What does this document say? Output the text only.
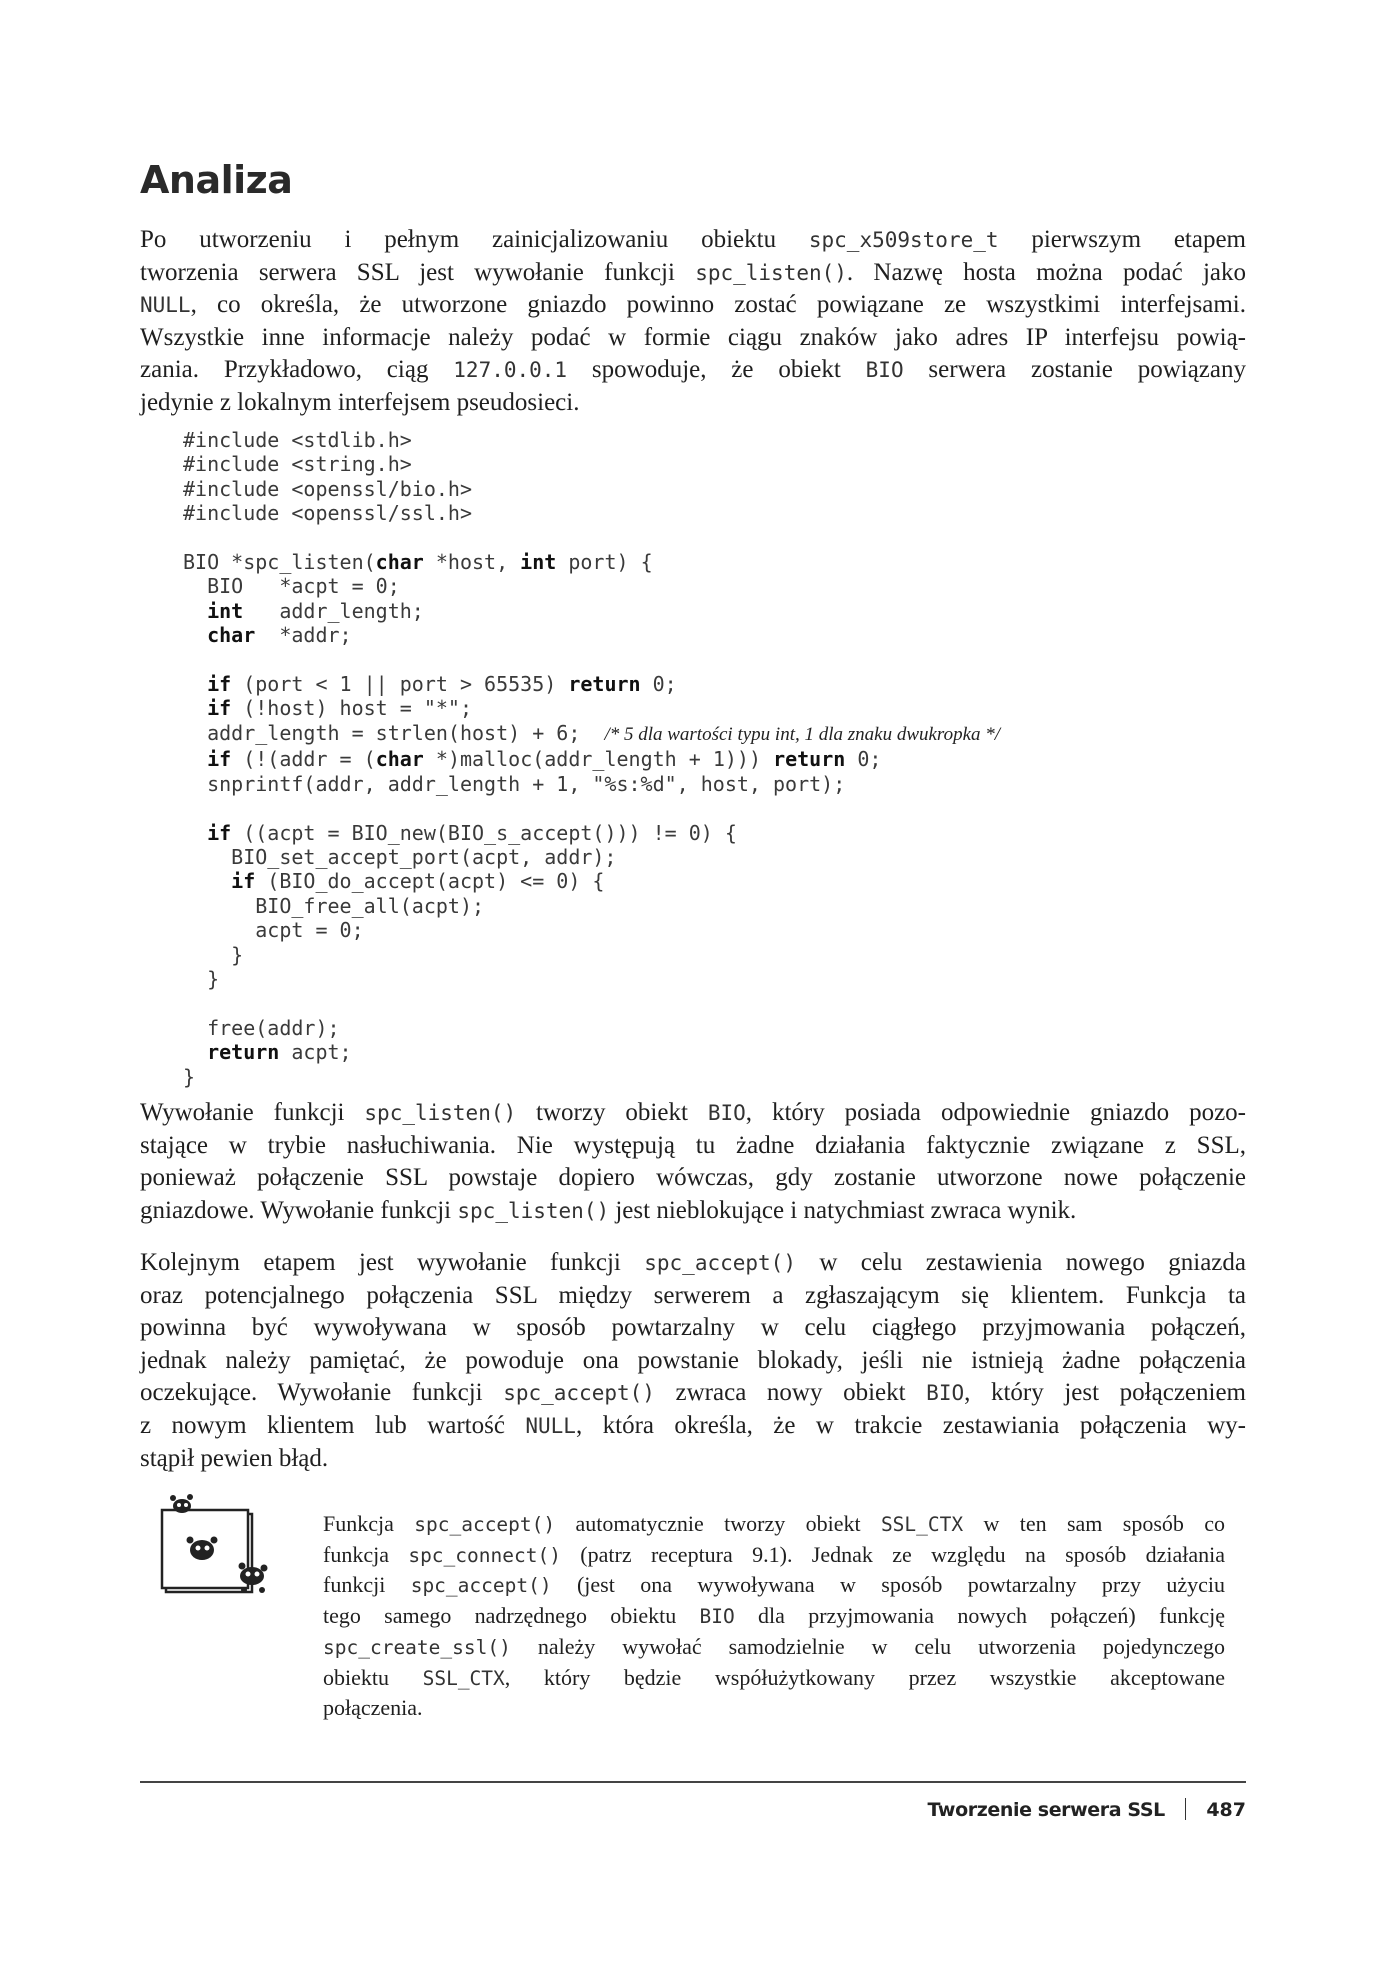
Analiza
Po utworzeniu i pełnym zainicjalizowaniu obiektu spc_x509store_t pierwszym etapem
tworzenia serwera SSL jest wywołanie funkcji spc_listen(). Nazwę hosta można podać jako
NULL, co określa, że utworzone gniazdo powinno zostać powiązane ze wszystkimi interfejsami.
Wszystkie inne informacje należy podać w formie ciągu znaków jako adres IP interfejsu powią-
zania. Przykładowo, ciąg 127.0.0.1 spowoduje, że obiekt BIO serwera zostanie powiązany
jedynie z lokalnym interfejsem pseudosieci.
#include <stdlib.h>
#include <string.h>
#include <openssl/bio.h>
#include <openssl/ssl.h>

BIO *spc_listen(char *host, int port) {
BIO   *acpt = 0;
int   addr_length;
char  *addr;

if (port < 1 || port > 65535) return 0;
if (!host) host = "*";
addr_length = strlen(host) + 6;  /* 5 dla wartości typu int, 1 dla znaku dwukropka */
if (!(addr = (char *)malloc(addr_length + 1))) return 0;
snprintf(addr, addr_length + 1, "%s:%d", host, port);

if ((acpt = BIO_new(BIO_s_accept())) != 0) {
BIO_set_accept_port(acpt, addr);
if (BIO_do_accept(acpt) <= 0) {
BIO_free_all(acpt);
acpt = 0;
}
}

free(addr);
return acpt;
}
Wywołanie funkcji spc_listen() tworzy obiekt BIO, który posiada odpowiednie gniazdo pozo-
stające w trybie nasłuchiwania. Nie występują tu żadne działania faktycznie związane z SSL,
ponieważ połączenie SSL powstaje dopiero wówczas, gdy zostanie utworzone nowe połączenie
gniazdowe. Wywołanie funkcji spc_listen() jest nieblokujące i natychmiast zwraca wynik.
Kolejnym etapem jest wywołanie funkcji spc_accept() w celu zestawienia nowego gniazda
oraz potencjalnego połączenia SSL między serwerem a zgłaszającym się klientem. Funkcja ta
powinna być wywoływana w sposób powtarzalny w celu ciągłego przyjmowania połączeń,
jednak należy pamiętać, że powoduje ona powstanie blokady, jeśli nie istnieją żadne połączenia
oczekujące. Wywołanie funkcji spc_accept() zwraca nowy obiekt BIO, który jest połączeniem
z nowym klientem lub wartość NULL, która określa, że w trakcie zestawiania połączenia wy-
stąpił pewien błąd.
Funkcja spc_accept() automatycznie tworzy obiekt SSL_CTX w ten sam sposób co
funkcja spc_connect() (patrz receptura 9.1). Jednak ze względu na sposób działania
funkcji spc_accept() (jest ona wywoływana w sposób powtarzalny przy użyciu
tego samego nadrzędnego obiektu BIO dla przyjmowania nowych połączeń) funkcję
spc_create_ssl() należy wywołać samodzielnie w celu utworzenia pojedynczego
obiektu SSL_CTX, który będzie współużytkowany przez wszystkie akceptowane
połączenia.
Tworzenie serwera SSL 487
